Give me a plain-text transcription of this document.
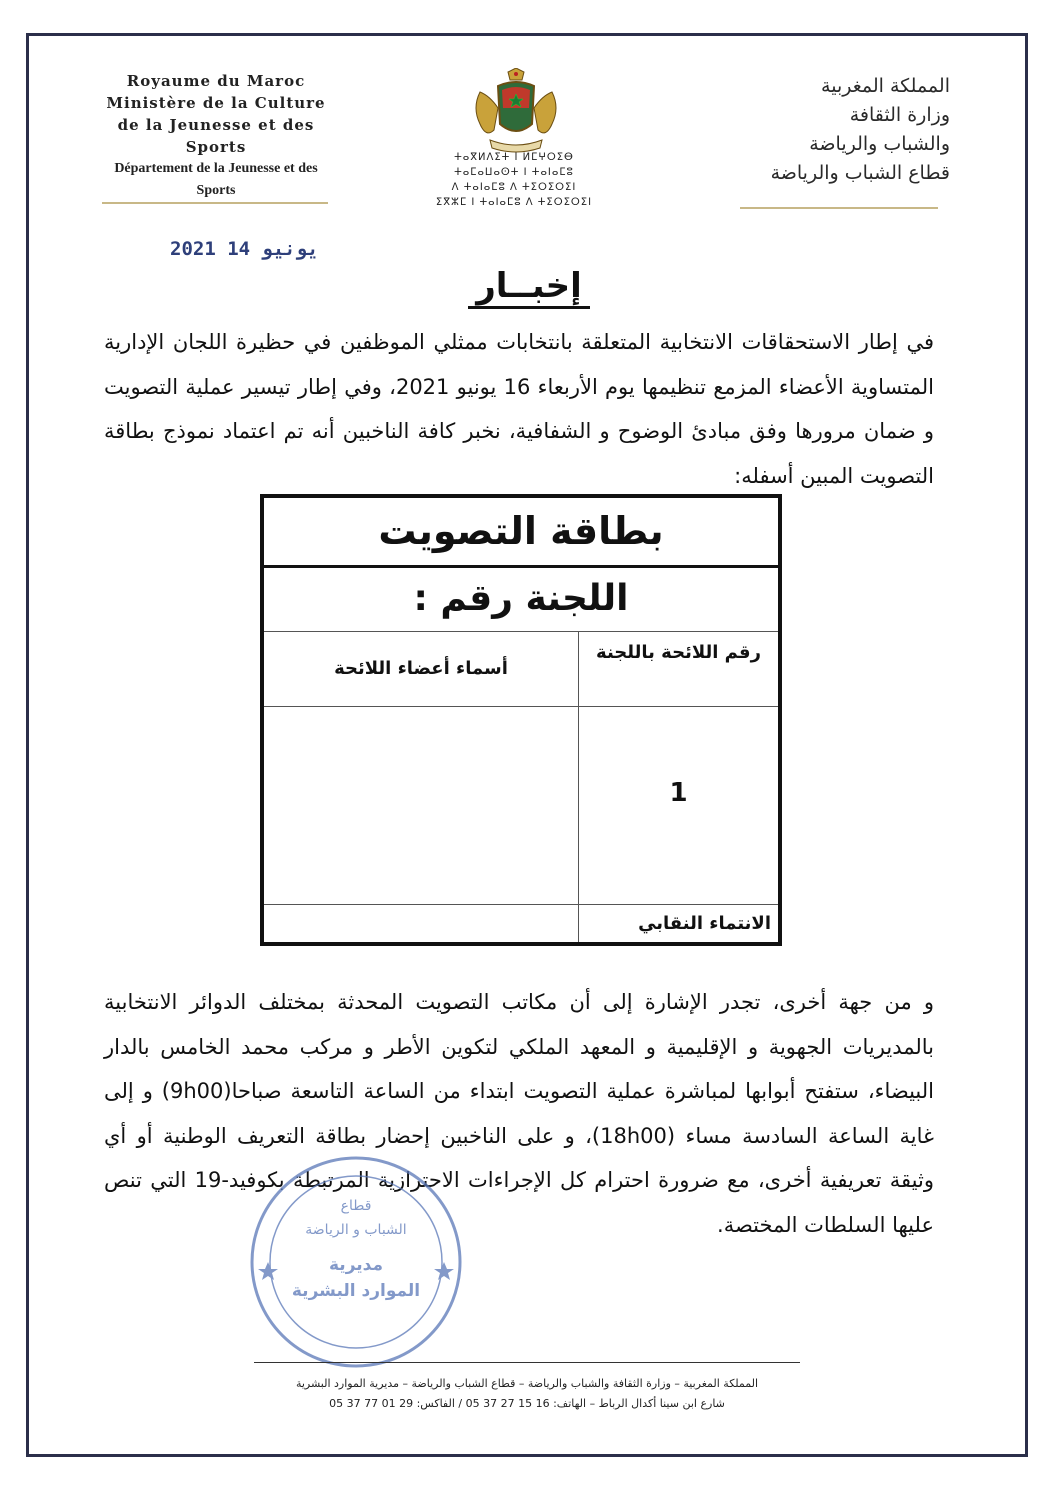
Royaume du Maroc
Ministère de la Culture
de la Jeunesse et des Sports
Département de la Jeunesse et des Sports
ⵜⴰⴳⵍⴷⵉⵜ ⵏ ⵍⵎⵖⵔⵉⴱ
ⵜⴰⵎⴰⵡⴰⵙⵜ ⵏ ⵜⴰⵏⴰⵎⵓ
ⴷ ⵜⴰⵏⴰⵎⵓ ⴷ ⵜⵉⵔⵉⵔⵉⵏ
ⵉⴳⵣⵎ ⵏ ⵜⴰⵏⴰⵎⵓ ⴷ ⵜⵉⵔⵉⵔⵉⵏ
المملكة المغربية
وزارة الثقافة
والشباب والرياضة
قطاع الشباب والرياضة
2021 يونيو 14
إخبــار
في إطار الاستحقاقات الانتخابية المتعلقة بانتخابات ممثلي الموظفين في حظيرة اللجان الإدارية المتساوية الأعضاء المزمع تنظيمها يوم الأربعاء 16 يونيو 2021، وفي إطار تيسير عملية التصويت و ضمان مرورها وفق مبادئ الوضوح و الشفافية، نخبر كافة الناخبين أنه تم اعتماد نموذج بطاقة التصويت المبين أسفله:
بطاقة التصويت
اللجنة رقم :
أسماء أعضاء اللائحة
رقم اللائحة باللجنة
1
الانتماء النقابي
و من جهة أخرى، تجدر الإشارة إلى أن مكاتب التصويت المحدثة بمختلف الدوائر الانتخابية بالمديريات الجهوية و الإقليمية و المعهد الملكي لتكوين الأطر و مركب محمد الخامس بالدار البيضاء، ستفتح أبوابها لمباشرة عملية التصويت ابتداء من الساعة التاسعة صباحا(9h00) و إلى غاية الساعة السادسة مساء (18h00)، و على الناخبين إحضار بطاقة التعريف الوطنية أو أي وثيقة تعريفية أخرى، مع ضرورة احترام كل الإجراءات الاحترازية المرتبطة بكوفيد-19 التي تنص عليها السلطات المختصة.
قطاع
الشباب و الرياضة
مديرية
الموارد البشرية
المملكة المغربية – وزارة الثقافة والشباب والرياضة – قطاع الشباب والرياضة – مديرية الموارد البشرية
شارع ابن سينا أكدال الرباط – الهاتف: 16 15 27 37 05 / الفاكس: 29 01 77 37 05
